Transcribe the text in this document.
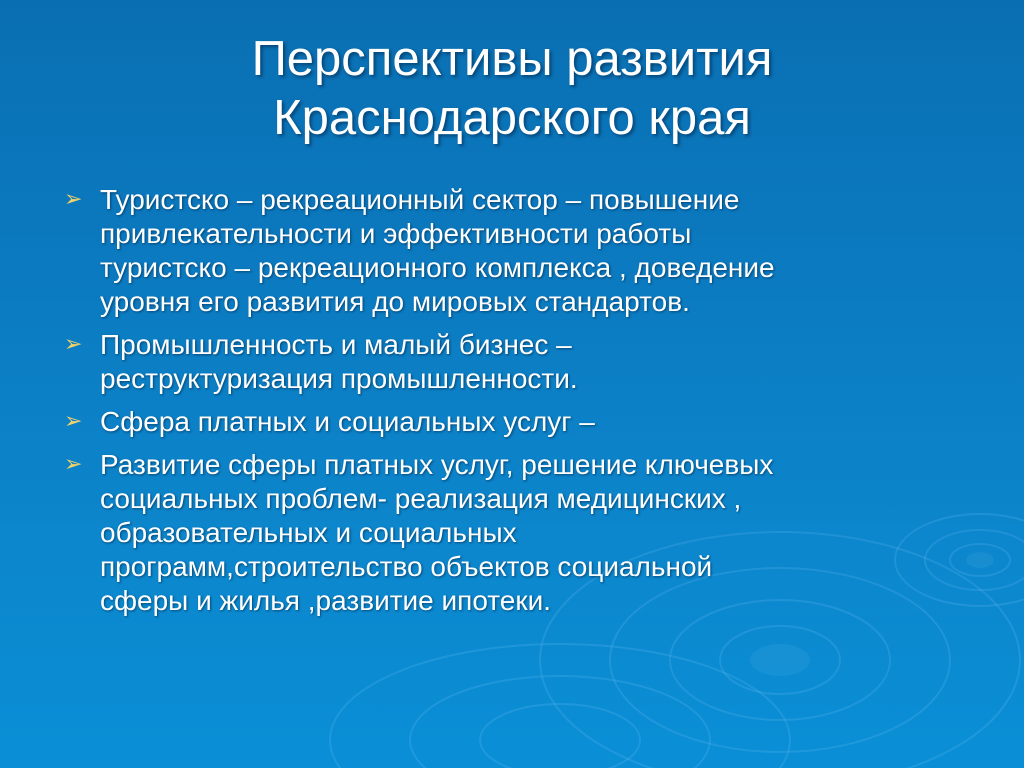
Перспективы развития
Краснодарского края
➢ Туристско – рекреационный сектор – повышение
привлекательности и эффективности работы
туристско – рекреационного комплекса , доведение
уровня его развития до мировых стандартов.
➢ Промышленность и малый бизнес –
реструктуризация промышленности.
➢ Сфера платных и социальных услуг –
➢ Развитие сферы платных услуг, решение ключевых
социальных проблем- реализация медицинских ,
образовательных и социальных
программ,строительство объектов социальной
сферы и жилья ,развитие ипотеки.
